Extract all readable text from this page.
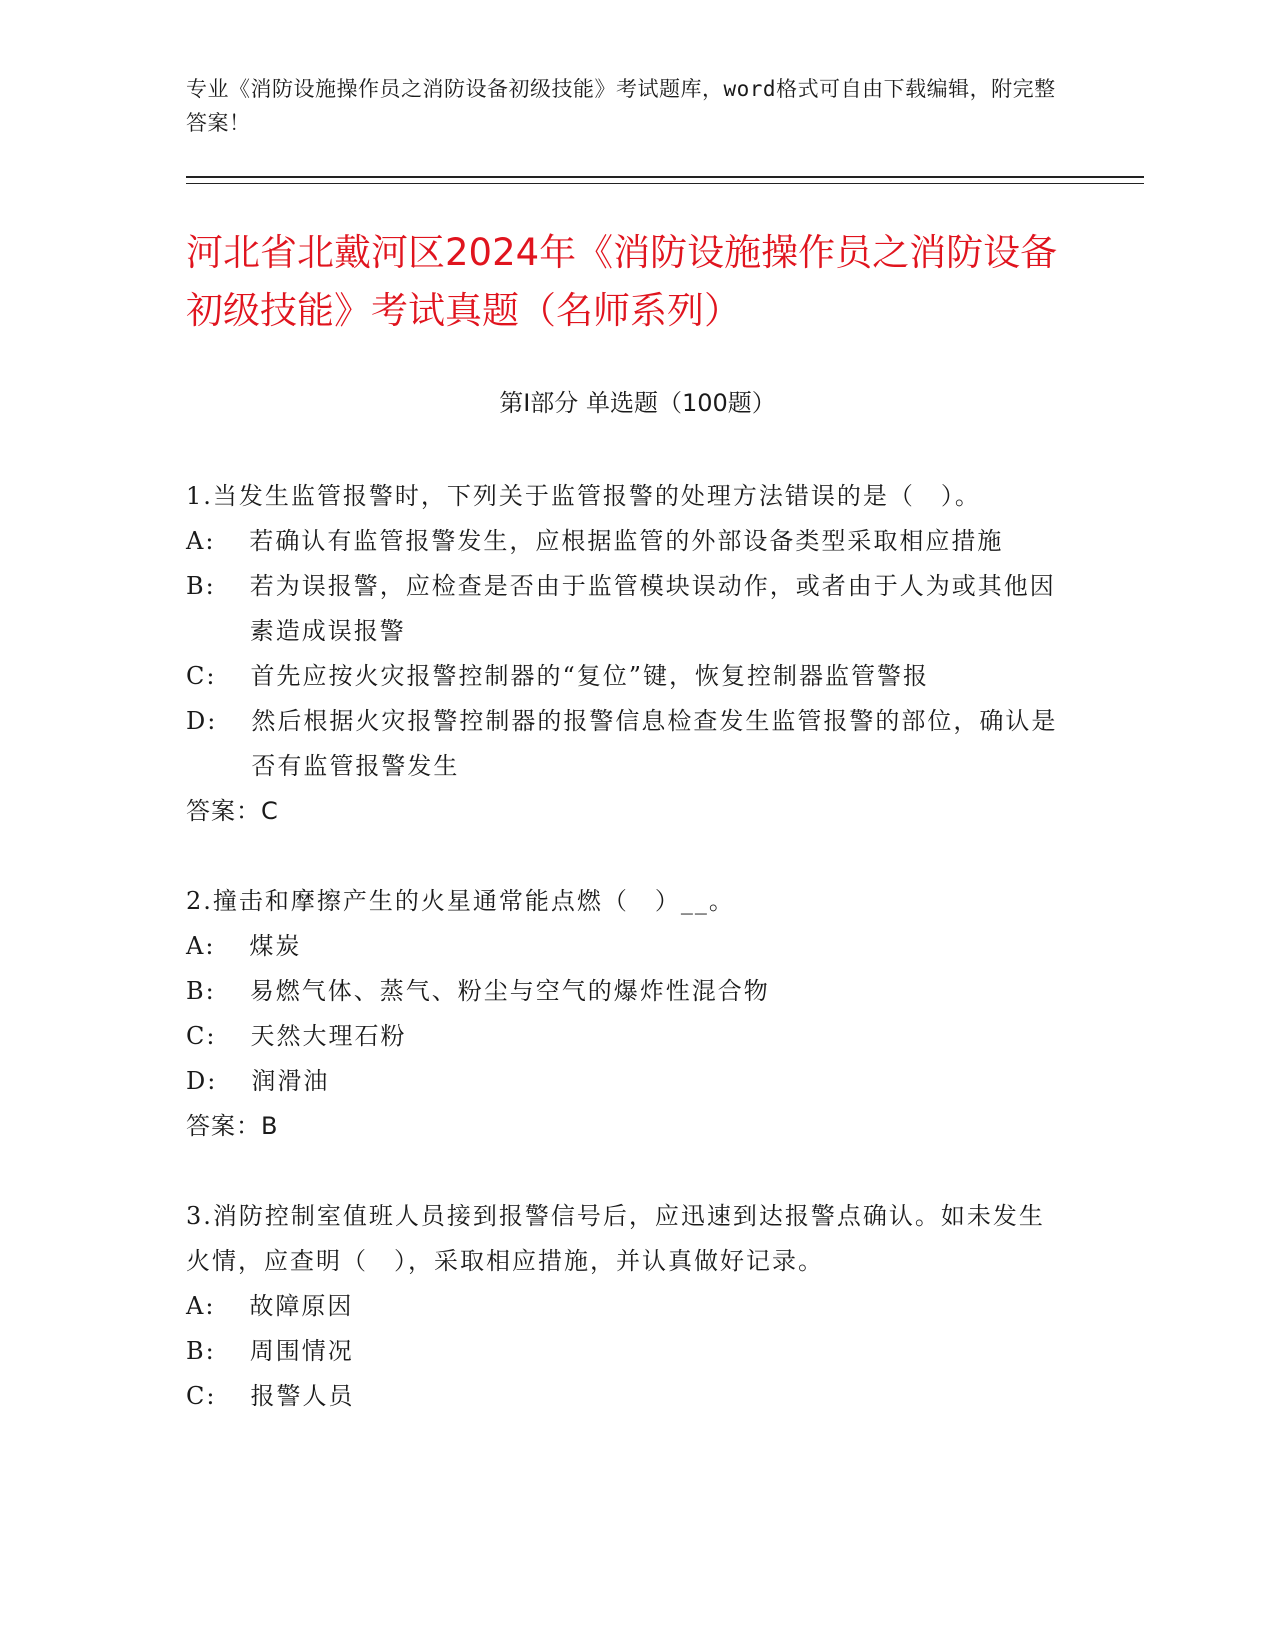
专业《消防设施操作员之消防设备初级技能》考试题库，word格式可自由下载编辑，附完整答案！
河北省北戴河区2024年《消防设施操作员之消防设备初级技能》考试真题（名师系列）
第I部分 单选题（100题）
1.当发生监管报警时，下列关于监管报警的处理方法错误的是（　）。
A: 若确认有监管报警发生，应根据监管的外部设备类型采取相应措施
B: 若为误报警，应检查是否由于监管模块误动作，或者由于人为或其他因素造成误报警
C: 首先应按火灾报警控制器的“复位”键，恢复控制器监管警报
D: 然后根据火灾报警控制器的报警信息检查发生监管报警的部位，确认是否有监管报警发生
答案：C
2.撞击和摩擦产生的火星通常能点燃（　）__。
A: 煤炭
B: 易燃气体、蒸气、粉尘与空气的爆炸性混合物
C: 天然大理石粉
D: 润滑油
答案：B
3.消防控制室值班人员接到报警信号后，应迅速到达报警点确认。如未发生火情，应查明（　），采取相应措施，并认真做好记录。
A: 故障原因
B: 周围情况
C: 报警人员
